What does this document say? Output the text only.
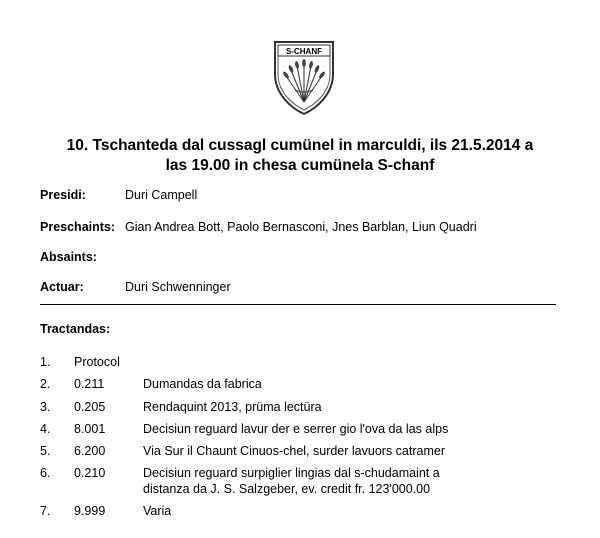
S-CHANF
10. Tschanteda dal cussagl cumünel in marculdi, ils 21.5.2014 a
las 19.00 in chesa cumünela S-chanf
Presidi:	Duri Campell
Preschaints: Gian Andrea Bott, Paolo Bernasconi, Jnes Barblan, Liun Quadri
Absaints:
Actuar:	Duri Schwenninger
Tractandas:
1. Protocol
2. 0.211	Dumandas da fabrica
3. 0.205	Rendaquint 2013, prüma lectüra
4. 8.001	Decisiun reguard lavur der e serrer gio l'ova da las alps
5. 6.200	Via Sur il Chaunt Cinuos-chel, surder lavuors catramer
6. 0.210	Decisiun reguard surpiglier lingias dal s-chudamaint a
distanza da J. S. Salzgeber, ev. credit fr. 123'000.00
7. 9.999	Varia
